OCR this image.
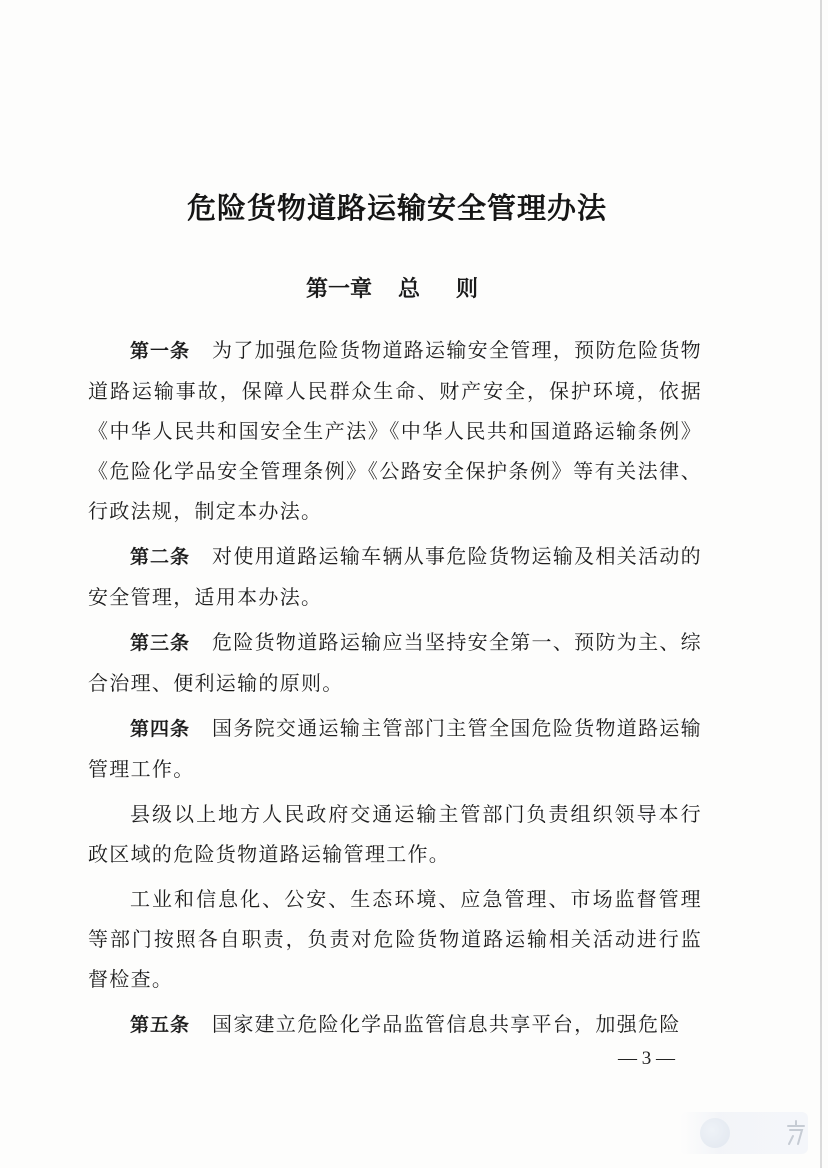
危险货物道路运输安全管理办法
第一章 总 则

第一条 为了加强危险货物道路运输安全管理，预防危险货物道路运输事故，保障人民群众生命、财产安全，保护环境，依据《中华人民共和国安全生产法》《中华人民共和国道路运输条例》《危险化学品安全管理条例》《公路安全保护条例》等有关法律、行政法规，制定本办法。

第二条 对使用道路运输车辆从事危险货物运输及相关活动的安全管理，适用本办法。

第三条 危险货物道路运输应当坚持安全第一、预防为主、综合治理、便利运输的原则。

第四条 国务院交通运输主管部门主管全国危险货物道路运输管理工作。

县级以上地方人民政府交通运输主管部门负责组织领导本行政区域的危险货物道路运输管理工作。

工业和信息化、公安、生态环境、应急管理、市场监督管理等部门按照各自职责，负责对危险货物道路运输相关活动进行监督检查。

第五条 国家建立危险化学品监管信息共享平台，加强危险

— 3 —
